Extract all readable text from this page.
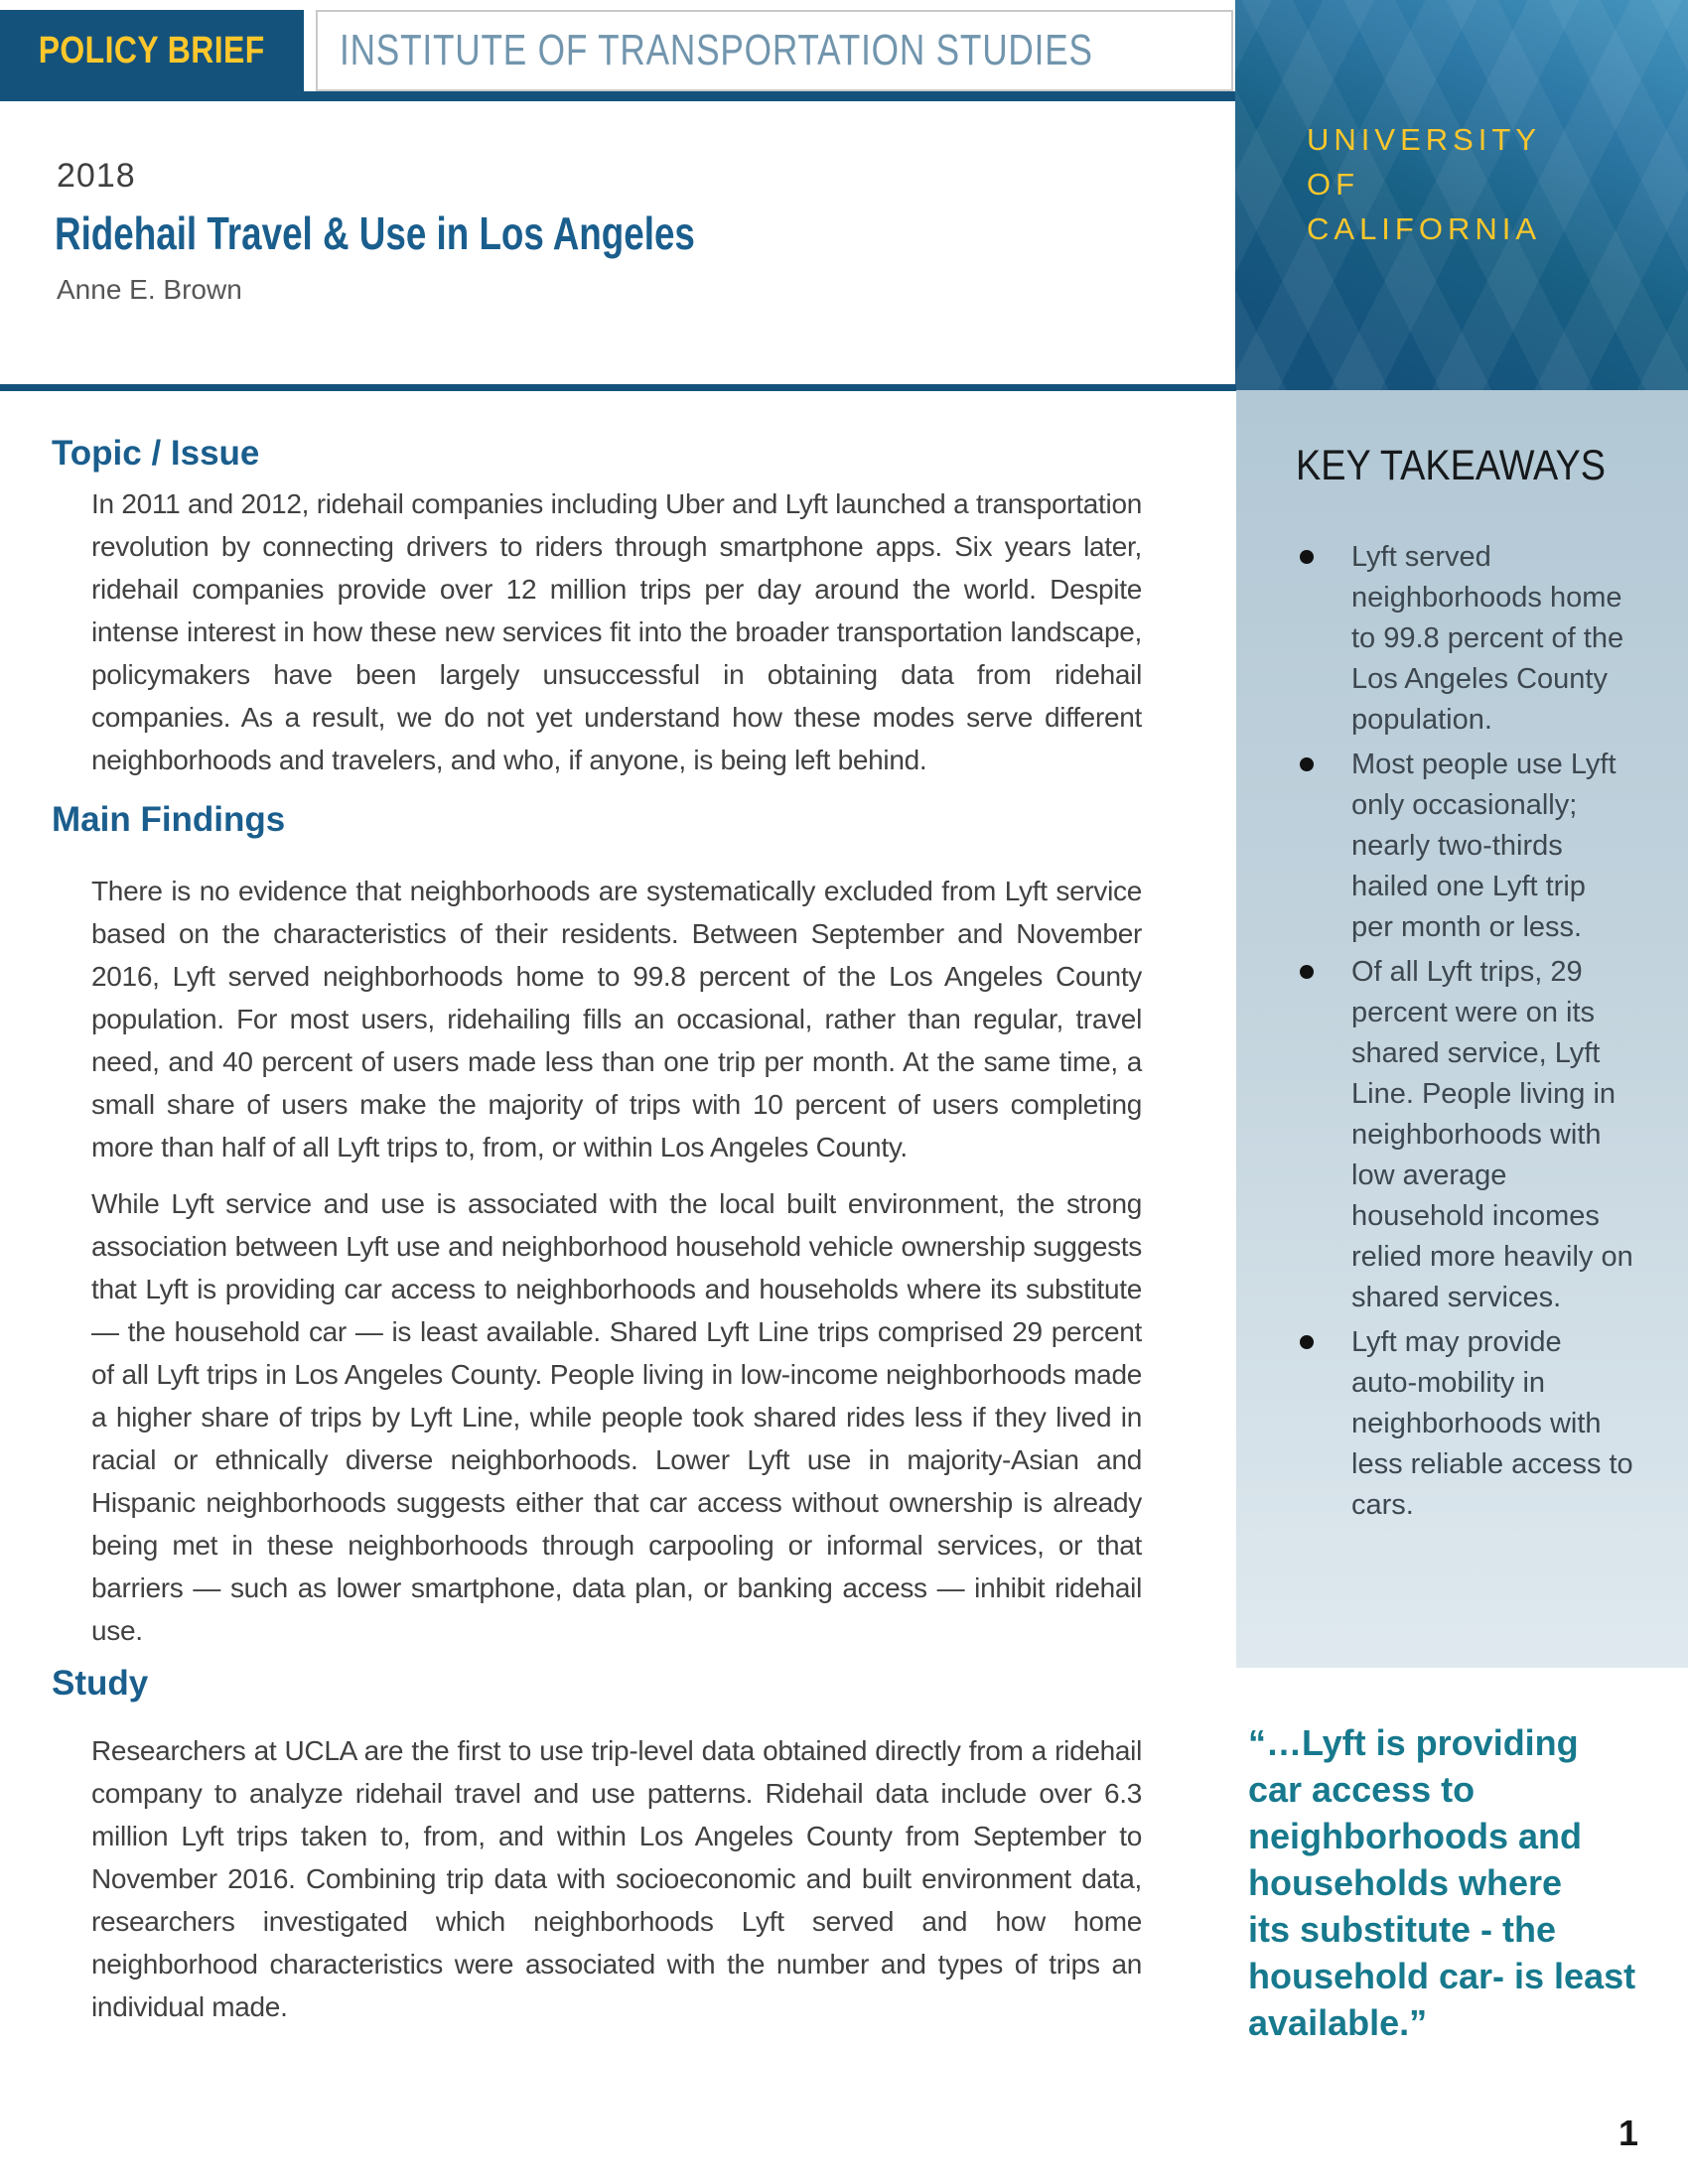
POLICY BRIEF INSTITUTE OF TRANSPORTATION STUDIES
UNIVERSITY
OF
CALIFORNIA
2018
Ridehail Travel & Use in Los Angeles
Anne E. Brown
Topic / Issue

In 2011 and 2012, ridehail companies including Uber and Lyft launched a transportation revolution by connecting drivers to riders through smartphone apps. Six years later, ridehail companies provide over 12 million trips per day around the world. Despite intense interest in how these new services fit into the broader transportation landscape, policymakers have been largely unsuccessful in obtaining data from ridehail companies. As a result, we do not yet understand how these modes serve different neighborhoods and travelers, and who, if anyone, is being left behind.

Main Findings

There is no evidence that neighborhoods are systematically excluded from Lyft service based on the characteristics of their residents. Between September and November 2016, Lyft served neighborhoods home to 99.8 percent of the Los Angeles County population. For most users, ridehailing fills an occasional, rather than regular, travel need, and 40 percent of users made less than one trip per month. At the same time, a small share of users make the majority of trips with 10 percent of users completing more than half of all Lyft trips to, from, or within Los Angeles County.

While Lyft service and use is associated with the local built environment, the strong association between Lyft use and neighborhood household vehicle ownership suggests that Lyft is providing car access to neighborhoods and households where its substitute — the household car — is least available. Shared Lyft Line trips comprised 29 percent of all Lyft trips in Los Angeles County. People living in low-income neighborhoods made a higher share of trips by Lyft Line, while people took shared rides less if they lived in racial or ethnically diverse neighborhoods. Lower Lyft use in majority-Asian and Hispanic neighborhoods suggests either that car access without ownership is already being met in these neighborhoods through carpooling or informal services, or that barriers — such as lower smartphone, data plan, or banking access — inhibit ridehail use.

Study

Researchers at UCLA are the first to use trip-level data obtained directly from a ridehail company to analyze ridehail travel and use patterns. Ridehail data include over 6.3 million Lyft trips taken to, from, and within Los Angeles County from September to November 2016. Combining trip data with socioeconomic and built environment data, researchers investigated which neighborhoods Lyft served and how home neighborhood characteristics were associated with the number and types of trips an individual made.

KEY TAKEAWAYS
Lyft served neighborhoods home to 99.8 percent of the Los Angeles County population.
Most people use Lyft only occasionally; nearly two-thirds hailed one Lyft trip per month or less.
Of all Lyft trips, 29 percent were on its shared service, Lyft Line. People living in neighborhoods with low average household incomes relied more heavily on shared services.
Lyft may provide auto-mobility in neighborhoods with less reliable access to cars.
“…Lyft is providing
car access to
neighborhoods and
households where
its substitute - the
household car- is least
available.”
1
